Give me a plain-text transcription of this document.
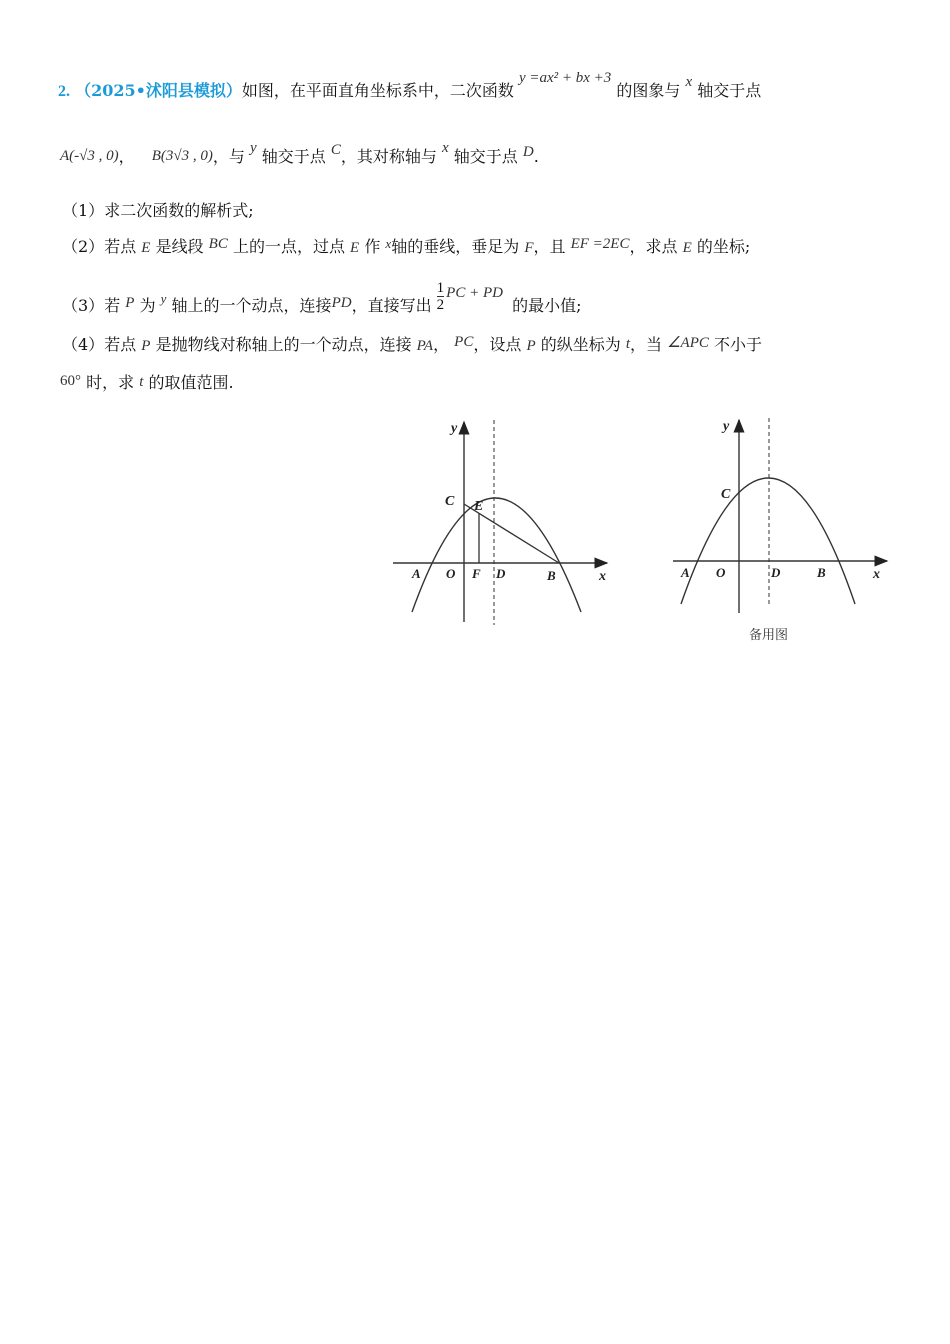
2. （2025•沭阳县模拟）如图，在平面直角坐标系中，二次函数 y =ax² + bx +3 的图象与 x 轴交于点
A(-√3 , 0)， B(3√3 , 0)，与 y 轴交于点 C，其对称轴与 x 轴交于点 D.
（1）求二次函数的解析式;
（2）若点 E 是线段 BC 上的一点，过点 E 作 $^x$轴的垂线，垂足为 F，且 EF =2EC，求点 E 的坐标;
（3）若 P 为 $^y$ 轴上的一个动点，连接PD，直接写出 $\frac{1}{2}$ PC + PD 的最小值;
（4）若点 P 是抛物线对称轴上的一个动点，连接 PA， PC，设点 P 的纵坐标为 t，当 ∠APC 不小于
60° 时，求 t 的取值范围.
y
x
A O F D	B
C E
y
x
A O	D	B
C
备用图
